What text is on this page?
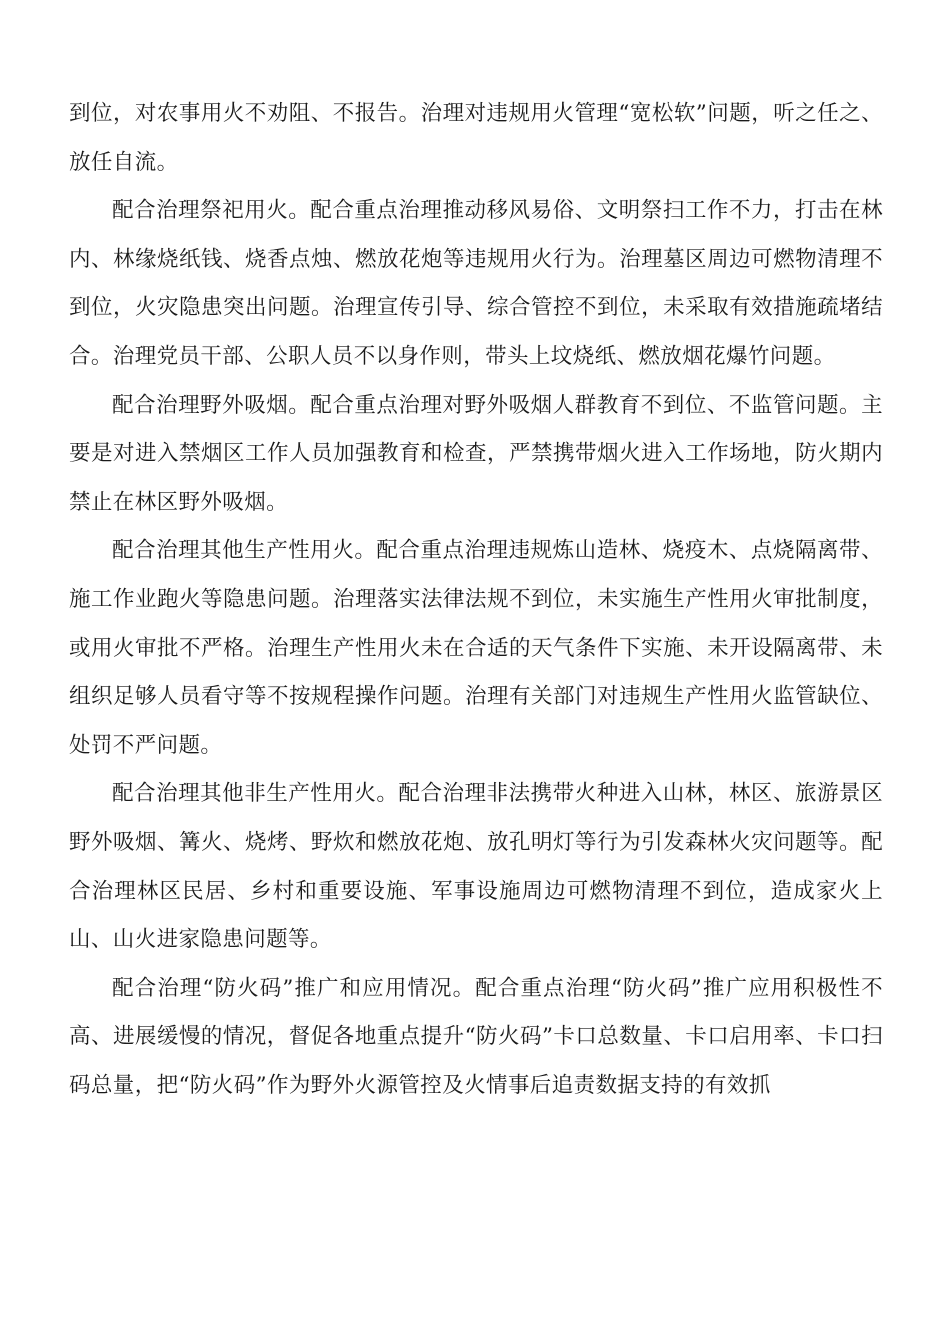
到位，对农事用火不劝阻、不报告。治理对违规用火管理“宽松软”问题，听之任之、放任自流。

配合治理祭祀用火。配合重点治理推动移风易俗、文明祭扫工作不力，打击在林内、林缘烧纸钱、烧香点烛、燃放花炮等违规用火行为。治理墓区周边可燃物清理不到位，火灾隐患突出问题。治理宣传引导、综合管控不到位，未采取有效措施疏堵结合。治理党员干部、公职人员不以身作则，带头上坟烧纸、燃放烟花爆竹问题。

配合治理野外吸烟。配合重点治理对野外吸烟人群教育不到位、不监管问题。主要是对进入禁烟区工作人员加强教育和检查，严禁携带烟火进入工作场地，防火期内禁止在林区野外吸烟。

配合治理其他生产性用火。配合重点治理违规炼山造林、烧疫木、点烧隔离带、施工作业跑火等隐患问题。治理落实法律法规不到位，未实施生产性用火审批制度，或用火审批不严格。治理生产性用火未在合适的天气条件下实施、未开设隔离带、未组织足够人员看守等不按规程操作问题。治理有关部门对违规生产性用火监管缺位、处罚不严问题。

配合治理其他非生产性用火。配合治理非法携带火种进入山林，林区、旅游景区野外吸烟、篝火、烧烤、野炊和燃放花炮、放孔明灯等行为引发森林火灾问题等。配合治理林区民居、乡村和重要设施、军事设施周边可燃物清理不到位，造成家火上山、山火进家隐患问题等。

配合治理“防火码”推广和应用情况。配合重点治理“防火码”推广应用积极性不高、进展缓慢的情况，督促各地重点提升“防火码”卡口总数量、卡口启用率、卡口扫码总量，把“防火码”作为野外火源管控及火情事后追责数据支持的有效抓
